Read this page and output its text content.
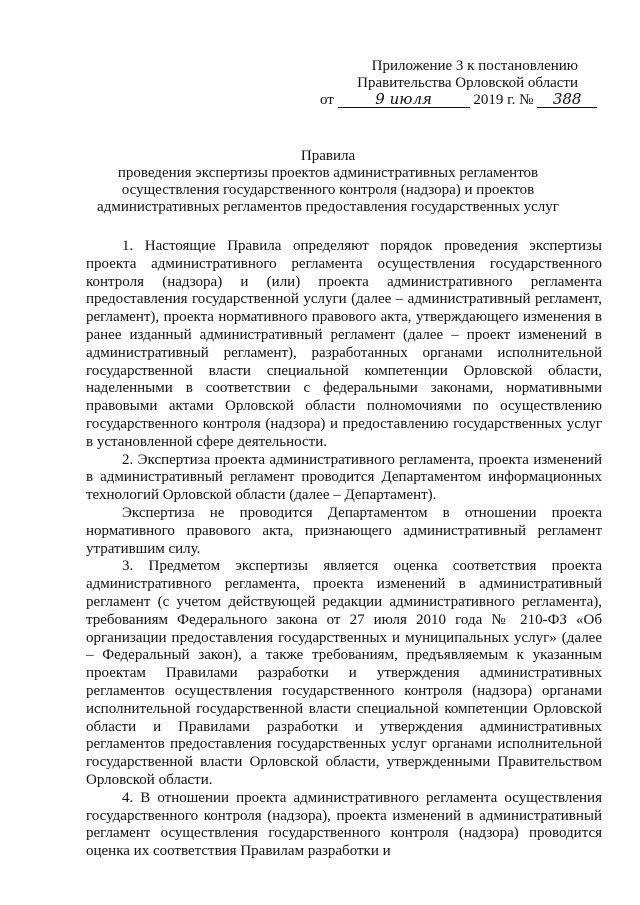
Приложение 3 к постановлению
Правительства Орловской области
от	9 июля	2019 г. № 388
Правила
проведения экспертизы проектов административных регламентов
осуществления государственного контроля (надзора) и проектов
административных регламентов предоставления государственных услуг

1. Настоящие Правила определяют порядок проведения экспертизы проекта административного регламента осуществления государственного контроля (надзора) и (или) проекта административного регламента предоставления государственной услуги (далее – административный регламент, регламент), проекта нормативного правового акта, утверждающего изменения в ранее изданный административный регламент (далее – проект изменений в административный регламент), разработанных органами исполнительной государственной власти специальной компетенции Орловской области, наделенными в соответствии с федеральными законами, нормативными правовыми актами Орловской области полномочиями по осуществлению государственного контроля (надзора) и предоставлению государственных услуг в установленной сфере деятельности.

2. Экспертиза проекта административного регламента, проекта изменений в административный регламент проводится Департаментом информационных технологий Орловской области (далее – Департамент).

Экспертиза не проводится Департаментом в отношении проекта нормативного правового акта, признающего административный регламент утратившим силу.

3. Предметом экспертизы является оценка соответствия проекта административного регламента, проекта изменений в административный регламент (с учетом действующей редакции административного регламента), требованиям Федерального закона от 27 июля 2010 года № 210-ФЗ «Об организации предоставления государственных и муниципальных услуг» (далее – Федеральный закон), а также требованиям, предъявляемым к указанным проектам Правилами разработки и утверждения административных регламентов осуществления государственного контроля (надзора) органами исполнительной государственной власти специальной компетенции Орловской области и Правилами разработки и утверждения административных регламентов предоставления государственных услуг органами исполнительной государственной власти Орловской области, утвержденными Правительством Орловской области.

4. В отношении проекта административного регламента осуществления государственного контроля (надзора), проекта изменений в административный регламент осуществления государственного контроля (надзора) проводится оценка их соответствия Правилам разработки и
